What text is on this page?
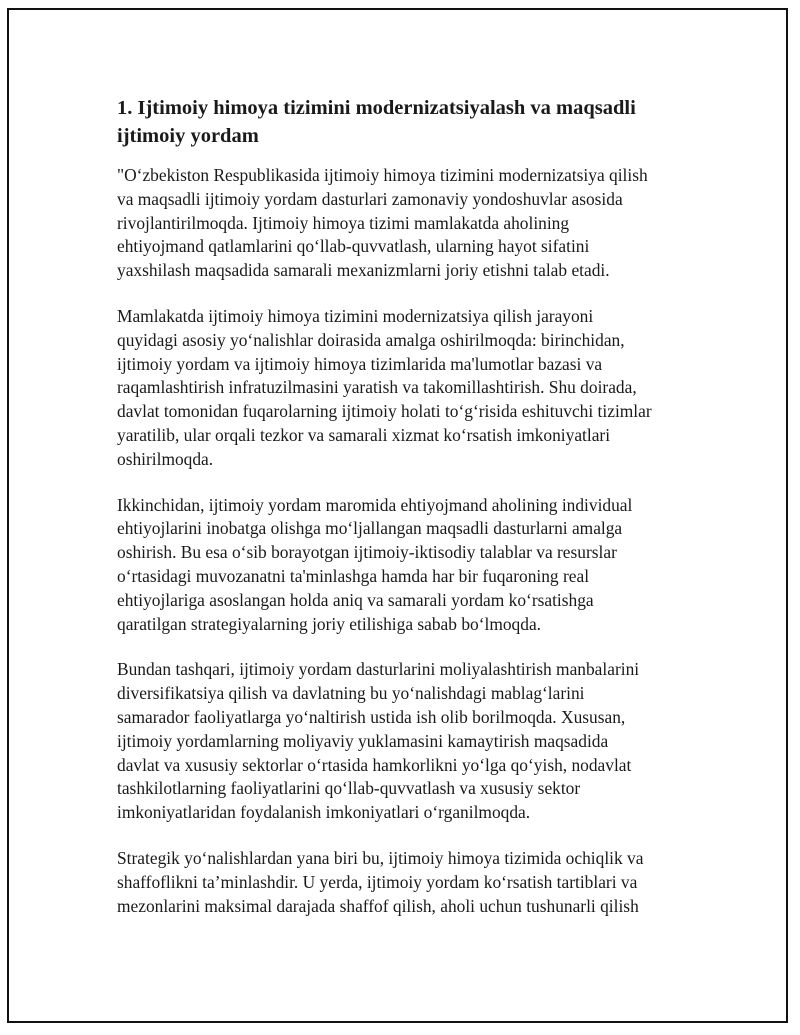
1. Ijtimoiy himoya tizimini modernizatsiyalash va maqsadli
ijtimoiy yordam

"O‘zbekiston Respublikasida ijtimoiy himoya tizimini modernizatsiya qilish
va maqsadli ijtimoiy yordam dasturlari zamonaviy yondoshuvlar asosida
rivojlantirilmoqda. Ijtimoiy himoya tizimi mamlakatda aholining
ehtiyojmand qatlamlarini qo‘llab-quvvatlash, ularning hayot sifatini
yaxshilash maqsadida samarali mexanizmlarni joriy etishni talab etadi.

Mamlakatda ijtimoiy himoya tizimini modernizatsiya qilish jarayoni
quyidagi asosiy yo‘nalishlar doirasida amalga oshirilmoqda: birinchidan,
ijtimoiy yordam va ijtimoiy himoya tizimlarida ma'lumotlar bazasi va
raqamlashtirish infratuzilmasini yaratish va takomillashtirish. Shu doirada,
davlat tomonidan fuqarolarning ijtimoiy holati to‘g‘risida eshituvchi tizimlar
yaratilib, ular orqali tezkor va samarali xizmat ko‘rsatish imkoniyatlari
oshirilmoqda.

Ikkinchidan, ijtimoiy yordam maromida ehtiyojmand aholining individual
ehtiyojlarini inobatga olishga mo‘ljallangan maqsadli dasturlarni amalga
oshirish. Bu esa o‘sib borayotgan ijtimoiy-iktisodiy talablar va resurslar
o‘rtasidagi muvozanatni ta'minlashga hamda har bir fuqaroning real
ehtiyojlariga asoslangan holda aniq va samarali yordam ko‘rsatishga
qaratilgan strategiyalarning joriy etilishiga sabab bo‘lmoqda.

Bundan tashqari, ijtimoiy yordam dasturlarini moliyalashtirish manbalarini
diversifikatsiya qilish va davlatning bu yo‘nalishdagi mablag‘larini
samarador faoliyatlarga yo‘naltirish ustida ish olib borilmoqda. Xususan,
ijtimoiy yordamlarning moliyaviy yuklamasini kamaytirish maqsadida
davlat va xususiy sektorlar o‘rtasida hamkorlikni yo‘lga qo‘yish, nodavlat
tashkilotlarning faoliyatlarini qo‘llab-quvvatlash va xususiy sektor
imkoniyatlaridan foydalanish imkoniyatlari o‘rganilmoqda.

Strategik yo‘nalishlardan yana biri bu, ijtimoiy himoya tizimida ochiqlik va
shaffoflikni ta’minlashdir. U yerda, ijtimoiy yordam ko‘rsatish tartiblari va
mezonlarini maksimal darajada shaffof qilish, aholi uchun tushunarli qilish
